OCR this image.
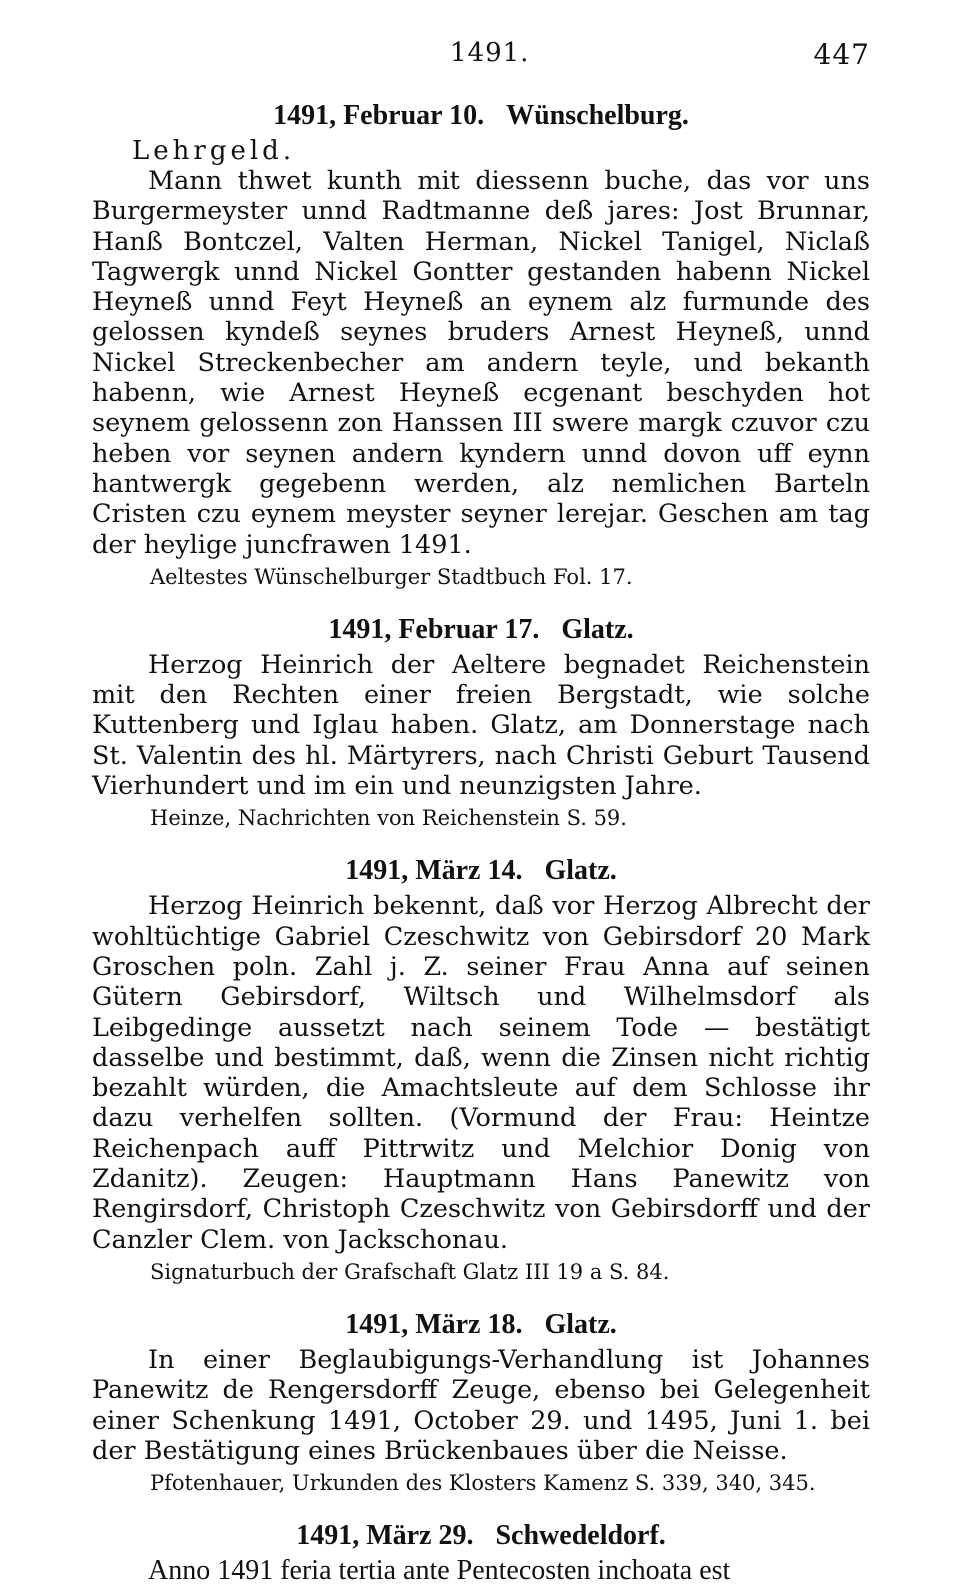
1491.	447
1491, Februar 10. Wünschelburg.
Lehrgeld.

Mann thwet kunth mit diessenn buche, das vor uns Burgermeyster unnd Radtmanne deß jares: Jost Brunnar, Hanß Bontczel, Valten Herman, Nickel Tanigel, Niclaß Tagwergk unnd Nickel Gontter gestanden habenn Nickel Heyneß unnd Feyt Heyneß an eynem alz furmunde des gelossen kyndeß seynes bruders Arnest Heyneß, unnd Nickel Streckenbecher am andern teyle, und bekanth habenn, wie Arnest Heyneß ecgenant beschyden hot seynem gelossenn zon Hanssen III swere margk czuvor czu heben vor seynen andern kyndern unnd dovon uff eynn hantwergk gegebenn werden, alz nemlichen Barteln Cristen czu eynem meyster seyner lerejar. Geschen am tag der heylige juncfrawen 1491.

Aeltestes Wünschelburger Stadtbuch Fol. 17.
1491, Februar 17. Glatz.

Herzog Heinrich der Aeltere begnadet Reichenstein mit den Rechten einer freien Bergstadt, wie solche Kuttenberg und Iglau haben. Glatz, am Donnerstage nach St. Valentin des hl. Märtyrers, nach Christi Geburt Tausend Vierhundert und im ein und neunzigsten Jahre.

Heinze, Nachrichten von Reichenstein S. 59.
1491, März 14. Glatz.

Herzog Heinrich bekennt, daß vor Herzog Albrecht der wohltüchtige Gabriel Czeschwitz von Gebirsdorf 20 Mark Groschen poln. Zahl j. Z. seiner Frau Anna auf seinen Gütern Gebirsdorf, Wiltsch und Wilhelmsdorf als Leibgedinge aussetzt nach seinem Tode — bestätigt dasselbe und bestimmt, daß, wenn die Zinsen nicht richtig bezahlt würden, die Amachtsleute auf dem Schlosse ihr dazu verhelfen sollten. (Vormund der Frau: Heintze Reichenpach auff Pittrwitz und Melchior Donig von Zdanitz). Zeugen: Hauptmann Hans Panewitz von Rengirsdorf, Christoph Czeschwitz von Gebirsdorff und der Canzler Clem. von Jackschonau.

Signaturbuch der Grafschaft Glatz III 19 a S. 84.
1491, März 18. Glatz.

In einer Beglaubigungs-Verhandlung ist Johannes Panewitz de Rengersdorff Zeuge, ebenso bei Gelegenheit einer Schenkung 1491, October 29. und 1495, Juni 1. bei der Bestätigung eines Brückenbaues über die Neisse.

Pfotenhauer, Urkunden des Klosters Kamenz S. 339, 340, 345.
1491, März 29. Schwedeldorf.

Anno 1491 feria tertia ante Pentecosten inchoata est
